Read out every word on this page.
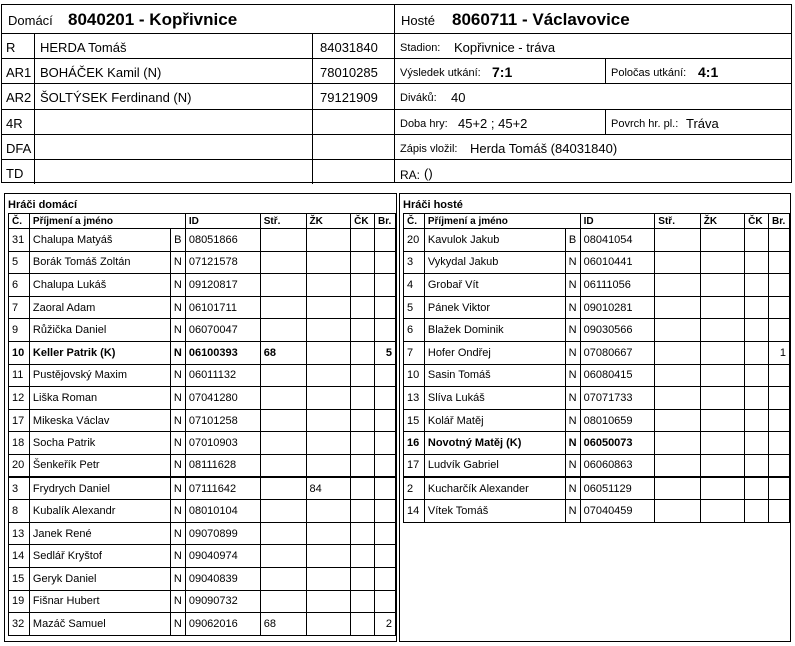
Domácí 8040201 - Kopřivnice
R	HERDA Tomáš	84031840
AR1 BOHÁČEK Kamil (N)	78010285
AR2 ŠOLTÝSEK Ferdinand (N)	79121909
4R
DFA
TD
Hosté 8060711 - Václavovice
Stadion: Kopřivnice - tráva
Výsledek utkání: 7:1	Poločas utkání: 4:1
Diváků: 40
Doba hry: 45+2 ; 45+2	Povrch hr. pl.: Tráva
Zápis vložil: Herda Tomáš (84031840)
RA: ()
Hráči domácí
Č.	Příjmení a jméno		ID	Stř.	ŽK	ČK	Br.
31	Chalupa Matyáš	B	08051866				
5	Borák Tomáš Zoltán	N	07121578				
6	Chalupa Lukáš	N	09120817				
7	Zaoral Adam	N	06101711				
9	Růžička Daniel	N	06070047				
10	Keller Patrik (K)	N	06100393	68			5
11	Pustějovský Maxim	N	06011132				
12	Liška Roman	N	07041280				
17	Mikeska Václav	N	07101258				
18	Socha Patrik	N	07010903				
20	Šenkeřík Petr	N	08111628				
3	Frydrych Daniel	N	07111642		84		
8	Kubalík Alexandr	N	08010104				
13	Janek René	N	09070899				
14	Sedlář Kryštof	N	09040974				
15	Geryk Daniel	N	09040839				
19	Fišnar Hubert	N	09090732				
32	Mazáč Samuel	N	09062016	68			2
Hráči hosté
Č.	Příjmení a jméno		ID	Stř.	ŽK	ČK	Br.
20	Kavulok Jakub	B	08041054				
3	Vykydal Jakub	N	06010441				
4	Grobař Vít	N	06111056				
5	Pánek Viktor	N	09010281				
6	Blažek Dominik	N	09030566				
7	Hofer Ondřej	N	07080667				1
10	Sasin Tomáš	N	06080415				
13	Slíva Lukáš	N	07071733				
15	Kolář Matěj	N	08010659				
16	Novotný Matěj (K)	N	06050073				
17	Ludvík Gabriel	N	06060863				
2	Kucharčík Alexander	N	06051129				
14	Vítek Tomáš	N	07040459				
